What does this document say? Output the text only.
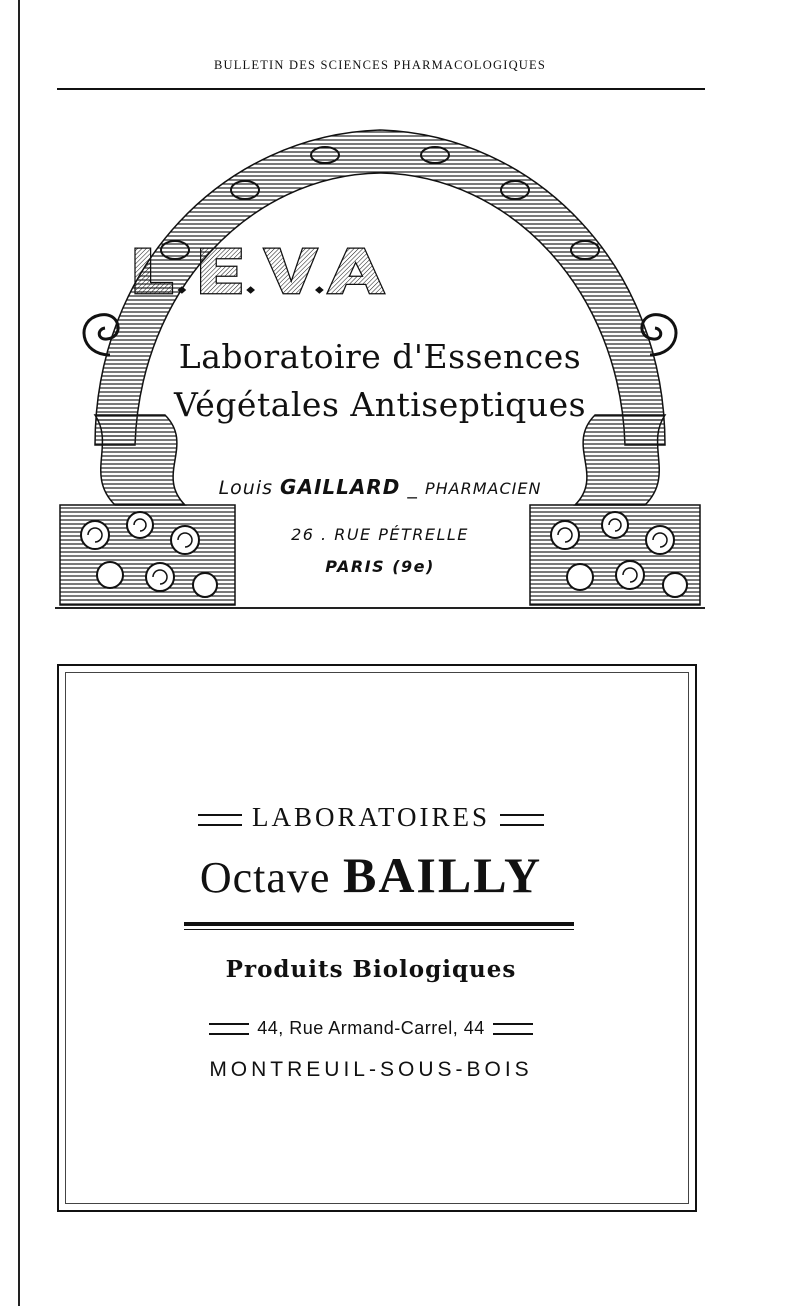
BULLETIN DES SCIENCES PHARMACOLOGIQUES
Laboratoire d'Essences
Végétales Antiseptiques
Louis GAILLARD _ PHARMACIEN
26 . RUE PÉTRELLE
PARIS (9e)
LABORATOIRES
Octave BAILLY
Produits Biologiques
44, Rue Armand-Carrel, 44
MONTREUIL-SOUS-BOIS
